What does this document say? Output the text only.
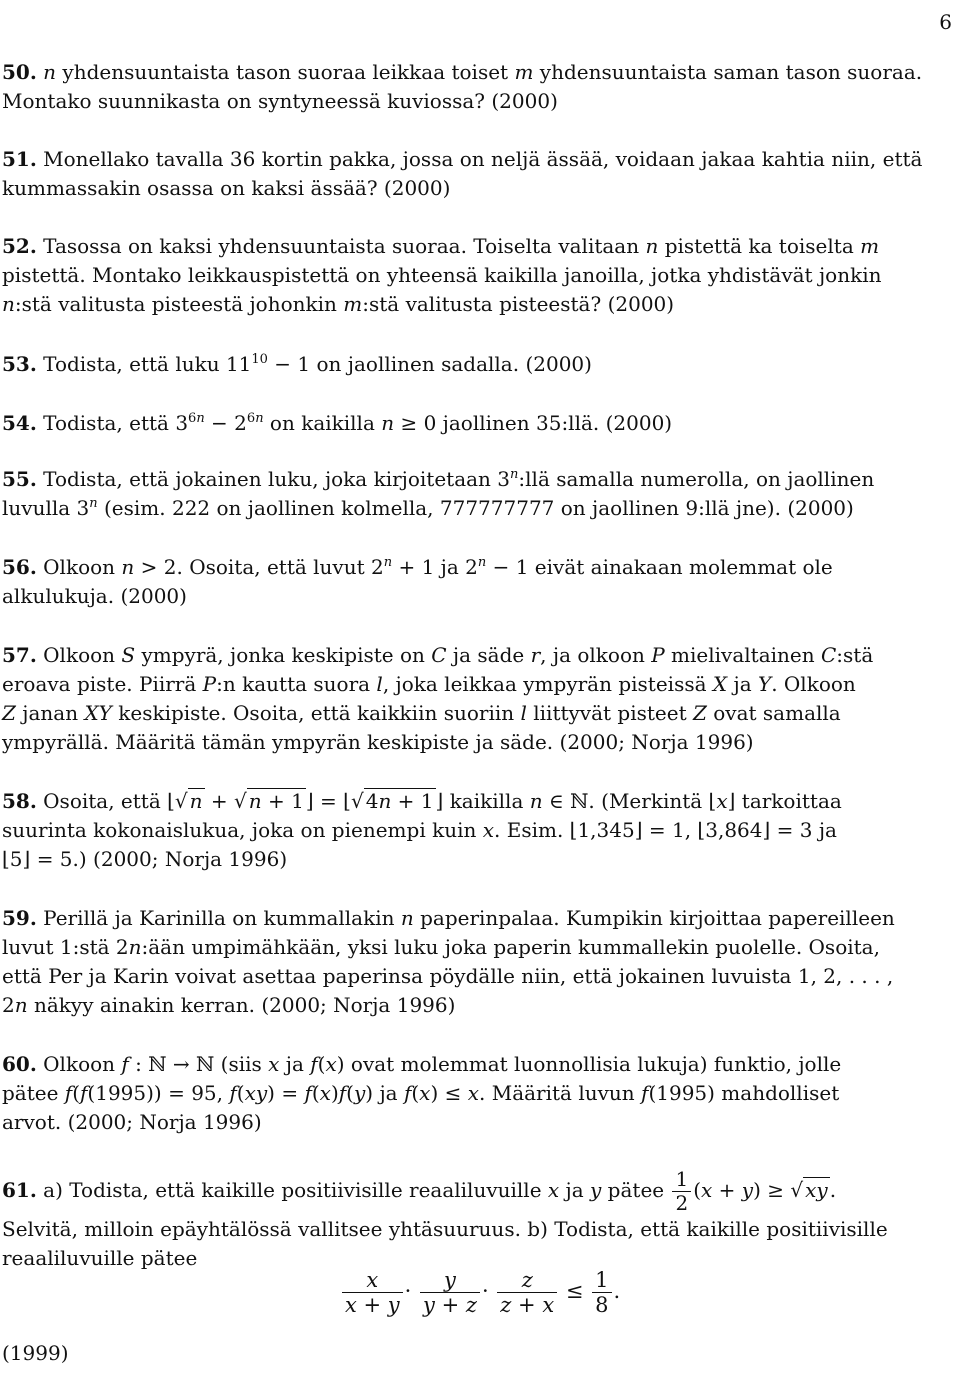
6
50. n yhdensuuntaista tason suoraa leikkaa toiset m yhdensuuntaista saman tason suoraa.
Montako suunnikasta on syntyneessä kuviossa? (2000)
51. Monellako tavalla 36 kortin pakka, jossa on neljä ässää, voidaan jakaa kahtia niin, että
kummassakin osassa on kaksi ässää? (2000)
52. Tasossa on kaksi yhdensuuntaista suoraa. Toiselta valitaan n pistettä ka toiselta m
pistettä. Montako leikkauspistettä on yhteensä kaikilla janoilla, jotka yhdistävät jonkin
n:stä valitusta pisteestä johonkin m:stä valitusta pisteestä? (2000)
53. Todista, että luku $11^{10} - 1$ on jaollinen sadalla. (2000)
54. Todista, että $3^{6n} - 2^{6n}$ on kaikilla n ≥ 0 jaollinen 35:llä. (2000)
55. Todista, että jokainen luku, joka kirjoitetaan 3$^n$:llä samalla numerolla, on jaollinen
luvulla 3$^n$ (esim. 222 on jaollinen kolmella, 777777777 on jaollinen 9:llä jne). (2000)
56. Olkoon n > 2. Osoita, että luvut $2^n + 1$ ja $2^n - 1$ eivät ainakaan molemmat ole
alkulukuja. (2000)
57. Olkoon S ympyrä, jonka keskipiste on C ja säde r, ja olkoon P mielivaltainen C:stä
eroava piste. Piirrä P:n kautta suora l, joka leikkaa ympyrän pisteissä X ja Y. Olkoon
Z janan XY keskipiste. Osoita, että kaikkiin suoriin l liittyvät pisteet Z ovat samalla
ympyrällä. Määritä tämän ympyrän keskipiste ja säde. (2000; Norja 1996)
58. Osoita, että ⌊√ n + √ n + 1 ⌋ = ⌊√ 4n + 1 ⌋ kaikilla n ∈ ℕ. (Merkintä ⌊x⌋ tarkoittaa
suurinta kokonaislukua, joka on pienempi kuin x. Esim. ⌊1,345⌋ = 1, ⌊3,864⌋ = 3 ja
⌊5⌋ = 5.) (2000; Norja 1996)
59. Perillä ja Karinilla on kummallakin n paperinpalaa. Kumpikin kirjoittaa papereilleen
luvut 1:stä 2n:ään umpimähkään, yksi luku joka paperin kummallekin puolelle. Osoita,
että Per ja Karin voivat asettaa paperinsa pöydälle niin, että jokainen luvuista 1, 2, . . . ,
2n näkyy ainakin kerran. (2000; Norja 1996)
60. Olkoon f : ℕ → ℕ (siis x ja f(x) ovat molemmat luonnollisia lukuja) funktio, jolle
pätee f(f(1995)) = 95, f(xy) = f(x)f(y) ja f(x) ≤ x. Määritä luvun f(1995) mahdolliset
arvot. (2000; Norja 1996)
61. a) Todista, että kaikille positiivisille reaaliluvuille x ja y pätee $\frac{1}{2} (x + y)$ ≥ √ xy .
Selvitä, milloin epäyhtälössä vallitsee yhtäsuuruus. b) Todista, että kaikille positiivisille
reaaliluvuille pätee
$\frac{x}{x + y} \cdot \frac{y}{y + z} \cdot \frac{z}{z + x} \le \frac{1}{8}$ .
(1999)
